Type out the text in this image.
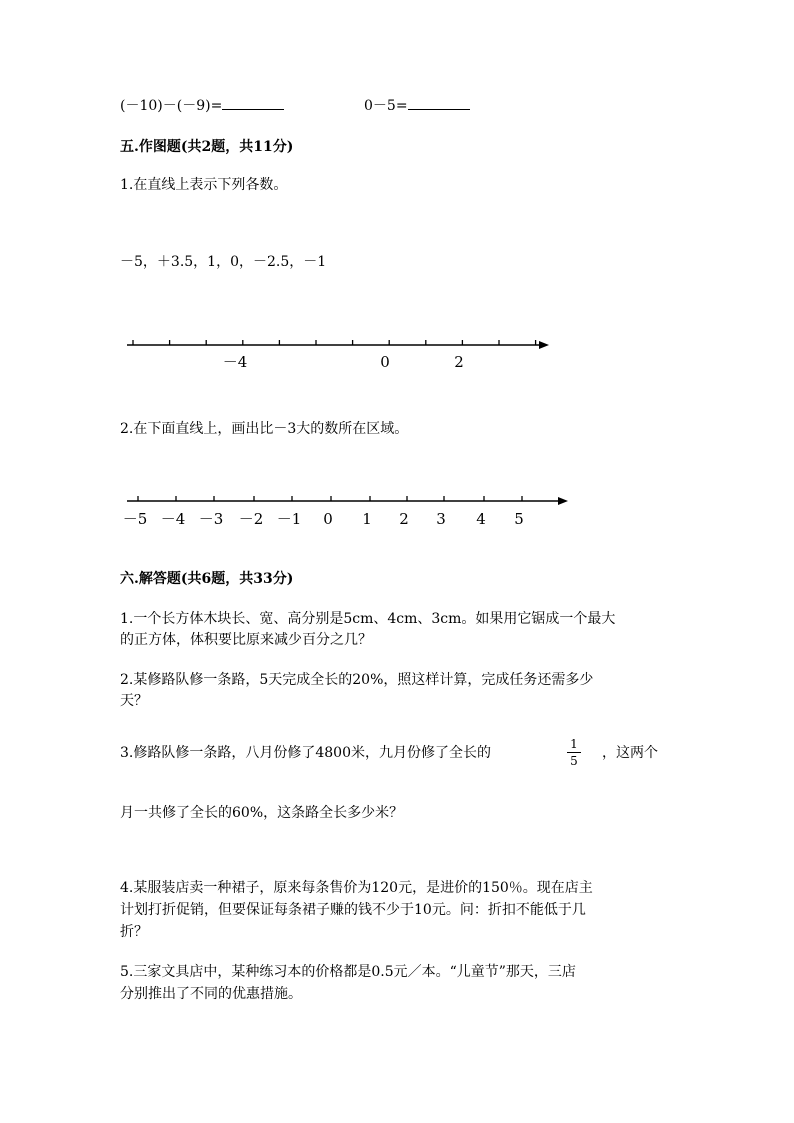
(－10)－(－9)=	0－5=
五.作图题(共2题，共11分)
1.在直线上表示下列各数。
－5，＋3.5，1，0，－2.5，－1
－4	0	2
2.在下面直线上，画出比－3大的数所在区域。
－5 －4 －3 －2 －1 0 1 2 3 4 5
六.解答题(共6题，共33分)
1.一个长方体木块长、宽、高分别是5cm、4cm、3cm。如果用它锯成一个最大
的正方体，体积要比原来减少百分之几？
2.某修路队修一条路，5天完成全长的20%，照这样计算，完成任务还需多少
天？
3.修路队修一条路，八月份修了4800米，九月份修了全长的
1
5 ，这两个
月一共修了全长的60%，这条路全长多少米？
4.某服装店卖一种裙子，原来每条售价为120元，是进价的150％。现在店主
计划打折促销，但要保证每条裙子赚的钱不少于10元。问：折扣不能低于几
折？
5.三家文具店中，某种练习本的价格都是0.5元／本。“儿童节”那天，三店
分别推出了不同的优惠措施。
